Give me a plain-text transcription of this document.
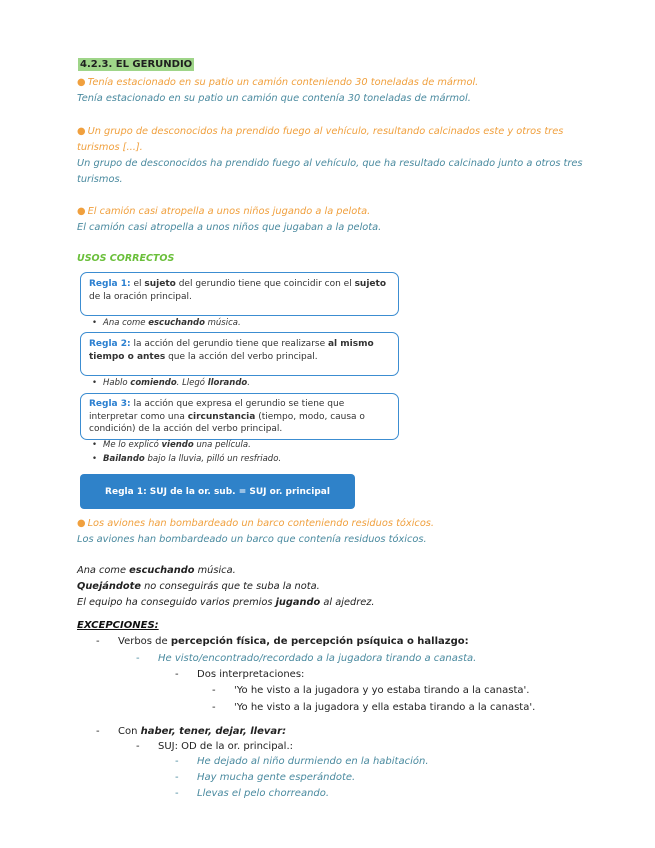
4.2.3. EL GERUNDIO
● Tenía estacionado en su patio un camión conteniendo 30 toneladas de mármol.
Tenía estacionado en su patio un camión que contenía 30 toneladas de mármol.
● Un grupo de desconocidos ha prendido fuego al vehículo, resultando calcinados este y otros tres turismos [...].
Un grupo de desconocidos ha prendido fuego al vehículo, que ha resultado calcinado junto a otros tres turismos.
● El camión casi atropella a unos niños jugando a la pelota.
El camión casi atropella a unos niños que jugaban a la pelota.
USOS CORRECTOS
Regla 1: el sujeto del gerundio tiene que coincidir con el sujeto de la oración principal.
• Ana come escuchando música.
Regla 2: la acción del gerundio tiene que realizarse al mismo tiempo o antes que la acción del verbo principal.
• Hablo comiendo. Llegó llorando.
Regla 3: la acción que expresa el gerundio se tiene que interpretar como una circunstancia (tiempo, modo, causa o condición) de la acción del verbo principal.
• Me lo explicó viendo una película.
• Bailando bajo la lluvia, pilló un resfriado.
Regla 1: SUJ de la or. sub. = SUJ or. principal
● Los aviones han bombardeado un barco conteniendo residuos tóxicos.
Los aviones han bombardeado un barco que contenía residuos tóxicos.
Ana come escuchando música.
Quejándote no conseguirás que te suba la nota.
El equipo ha conseguido varios premios jugando al ajedrez.
EXCEPCIONES:
- Verbos de percepción física, de percepción psíquica o hallazgo:
- He visto/encontrado/recordado a la jugadora tirando a canasta.
- Dos interpretaciones:
- 'Yo he visto a la jugadora y yo estaba tirando a la canasta'.
- 'Yo he visto a la jugadora y ella estaba tirando a la canasta'.
- Con haber, tener, dejar, llevar:
- SUJ: OD de la or. principal.:
- He dejado al niño durmiendo en la habitación.
- Hay mucha gente esperándote.
- Llevas el pelo chorreando.
